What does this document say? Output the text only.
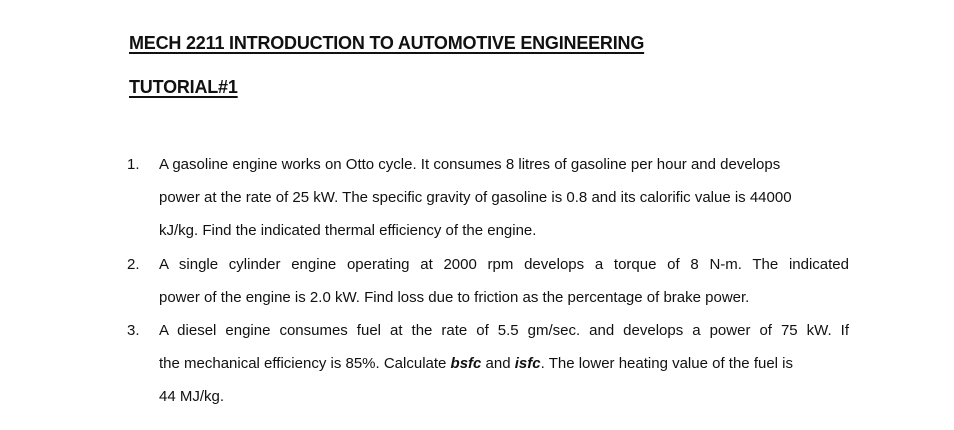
MECH 2211 INTRODUCTION TO AUTOMOTIVE ENGINEERING
TUTORIAL#1
1. A gasoline engine works on Otto cycle. It consumes 8 litres of gasoline per hour and develops
power at the rate of 25 kW. The specific gravity of gasoline is 0.8 and its calorific value is 44000
kJ/kg. Find the indicated thermal efficiency of the engine.
2. A single cylinder engine operating at 2000 rpm develops a torque of 8 N-m. The indicated
power of the engine is 2.0 kW. Find loss due to friction as the percentage of brake power.
3. A diesel engine consumes fuel at the rate of 5.5 gm/sec. and develops a power of 75 kW. If
the mechanical efficiency is 85%. Calculate bsfc and isfc. The lower heating value of the fuel is
44 MJ/kg.
